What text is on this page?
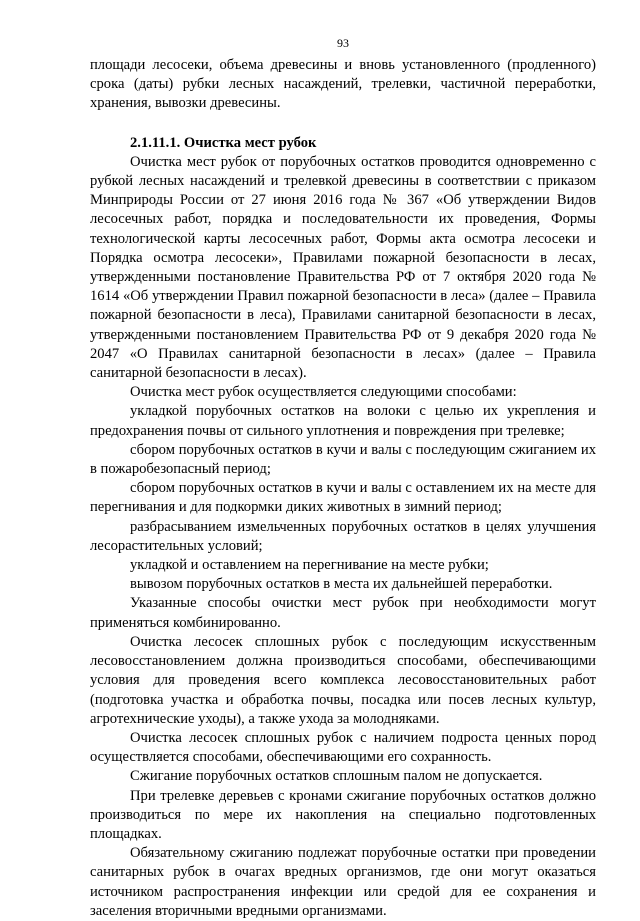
93

площади лесосеки, объема древесины и вновь установленного (продленного) срока (даты) рубки лесных насаждений, трелевки, частичной переработки, хранения, вывозки древесины.

2.1.11.1. Очистка мест рубок

Очистка мест рубок от порубочных остатков проводится одновременно с рубкой лесных насаждений и трелевкой древесины в соответствии с приказом Минприроды России от 27 июня 2016 года № 367 «Об утверждении Видов лесосечных работ, порядка и последовательности их проведения, Формы технологической карты лесосечных работ, Формы акта осмотра лесосеки и Порядка осмотра лесосеки», Правилами пожарной безопасности в лесах, утвержденными постановление Правительства РФ от 7 октября 2020 года № 1614 «Об утверждении Правил пожарной безопасности в леса» (далее – Правила пожарной безопасности в леса), Правилами санитарной безопасности в лесах, утвержденными постановлением Правительства РФ от 9 декабря 2020 года № 2047 «О Правилах санитарной безопасности в лесах» (далее – Правила санитарной безопасности в лесах).

Очистка мест рубок осуществляется следующими способами:

укладкой порубочных остатков на волоки с целью их укрепления и предохранения почвы от сильного уплотнения и повреждения при трелевке;

сбором порубочных остатков в кучи и валы с последующим сжиганием их в пожаробезопасный период;

сбором порубочных остатков в кучи и валы с оставлением их на месте для перегнивания и для подкормки диких животных в зимний период;

разбрасыванием измельченных порубочных остатков в целях улучшения лесорастительных условий;

укладкой и оставлением на перегнивание на месте рубки;

вывозом порубочных остатков в места их дальнейшей переработки.

Указанные способы очистки мест рубок при необходимости могут применяться комбинированно.

Очистка лесосек сплошных рубок с последующим искусственным лесовосстановлением должна производиться способами, обеспечивающими условия для проведения всего комплекса лесовосстановительных работ (подготовка участка и обработка почвы, посадка или посев лесных культур, агротехнические уходы), а также ухода за молодняками.

Очистка лесосек сплошных рубок с наличием подроста ценных пород осуществляется способами, обеспечивающими его сохранность.

Сжигание порубочных остатков сплошным палом не допускается.

При трелевке деревьев с кронами сжигание порубочных остатков должно производиться по мере их накопления на специально подготовленных площадках.

Обязательному сжиганию подлежат порубочные остатки при проведении санитарных рубок в очагах вредных организмов, где они могут оказаться источником распространения инфекции или средой для ее сохранения и заселения вторичными вредными организмами.
